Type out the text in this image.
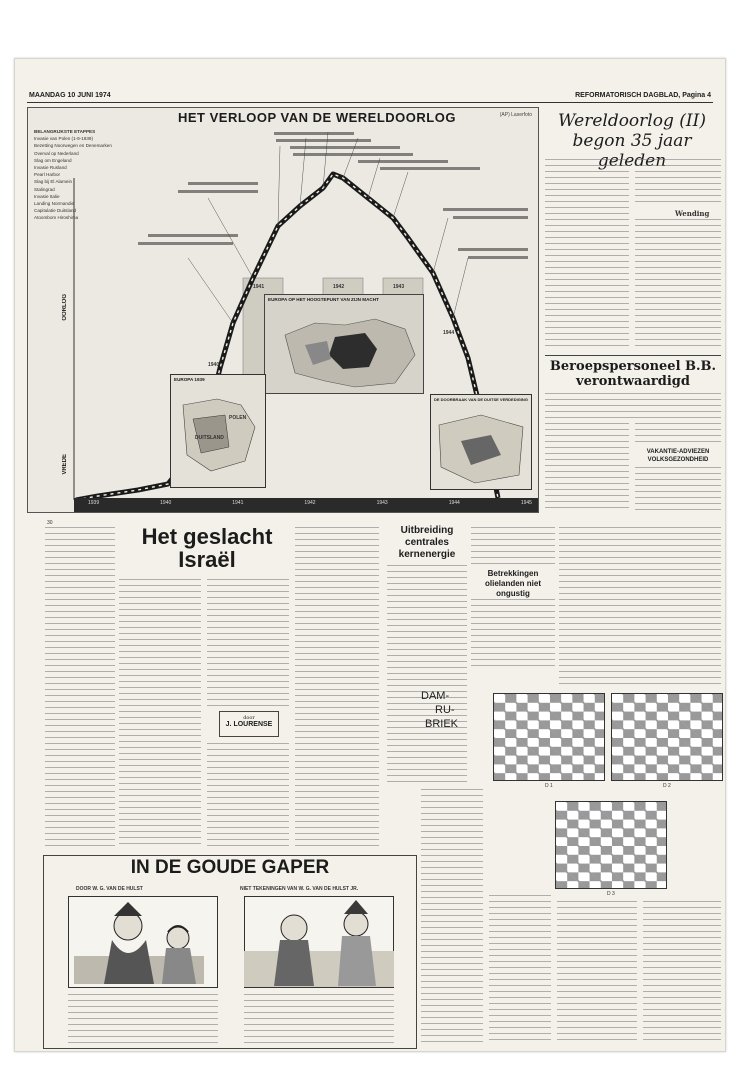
MAANDAG 10 JUNI 1974	REFORMATORISCH DAGBLAD, Pagina 4
HET VERLOOP VAN DE WERELDOORLOG	(AP) Laserfoto
BELANGRIJKSTE ETAPPES
Invasie van Polen (1-9-1939)
Bezetting Noorwegen en Denemarken
Overval op Nederland
Slag om Engeland
Invasie Rusland
Pearl Harbor
Slag bij El Alamein
Stalingrad
Invasie Italie
Landing Normandie
Capitulatie Duitsland
Atoombom Hiroshima
OORLOG
VREDE
1941	1942	1943
1940
1944
EUROPA OP HET HOOGTEPUNT VAN ZIJN MACHT
EUROPA 1939
DUITSLAND
POLEN
DE DOORBRAAK VAN DE DUITSE VERDEDIGING
1939	1940	1941	1942	1943	1944	1945
Wereldoorlog (II)
begon 35 jaar geleden
Wending
Beroepspersoneel B.B.
verontwaardigd
VAKANTIE-ADVIEZEN VOLKSGEZONDHEID
30
Het geslacht
Israël
door
J. LOURENSE
Uitbreiding centrales kernenergie
Betrekkingen olielanden niet ongustig
DAM-
RU-
BRIEK
D 1	D 2
D 3
IN DE GOUDE GAPER
DOOR W. G. VAN DE HULST	NIET TEKENINGEN VAN W. G. VAN DE HULST JR.
